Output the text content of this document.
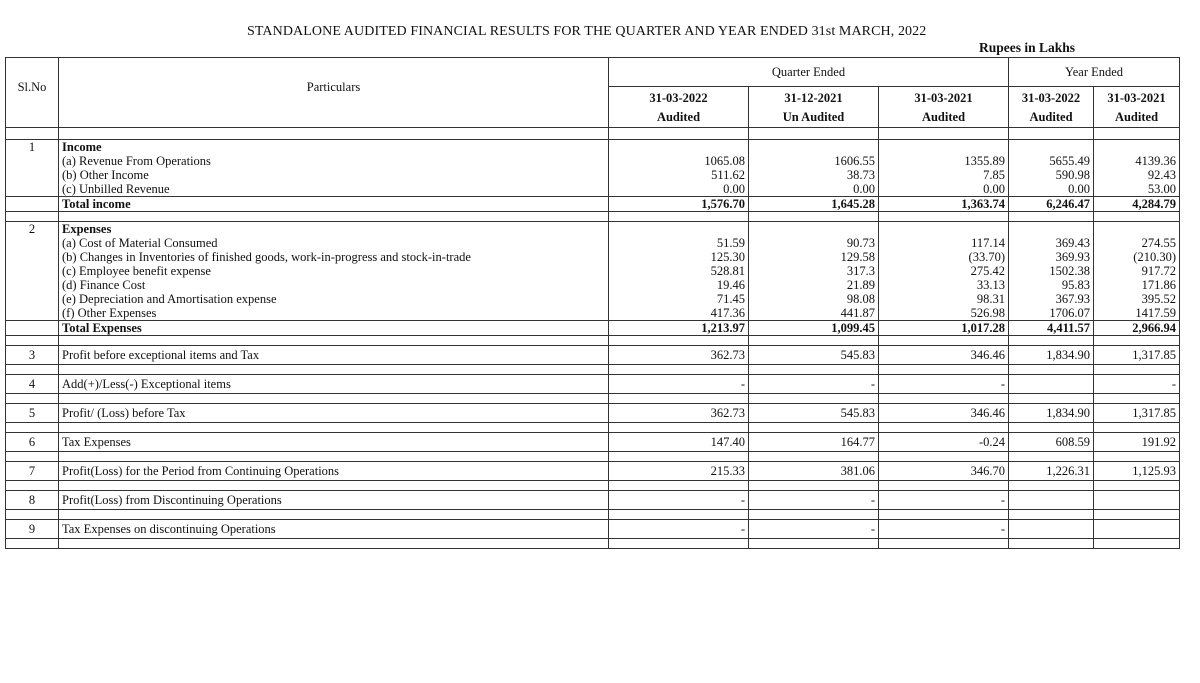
STANDALONE AUDITED FINANCIAL RESULTS FOR THE QUARTER AND YEAR ENDED 31st MARCH, 2022
Rupees in Lakhs
Sl.No	Particulars	Quarter Ended			Year Ended	
		31-03-2022	31-12-2021	31-03-2021	31-03-2022	31-03-2021
		Audited	Un Audited	Audited	Audited	Audited

1	Income					
	(a) Revenue From Operations	1065.08	1606.55	1355.89	5655.49	4139.36
	(b) Other Income	511.62	38.73	7.85	590.98	92.43
	(c) Unbilled Revenue	0.00	0.00	0.00	0.00	53.00
	Total income	1,576.70	1,645.28	1,363.74	6,246.47	4,284.79

2	Expenses					
	(a) Cost of Material Consumed	51.59	90.73	117.14	369.43	274.55
	(b) Changes in Inventories of finished goods, work-in-progress and stock-in-trade	125.30	129.58	(33.70)	369.93	(210.30)
	(c) Employee benefit expense	528.81	317.3	275.42	1502.38	917.72
	(d) Finance Cost	19.46	21.89	33.13	95.83	171.86
	(e) Depreciation and Amortisation expense	71.45	98.08	98.31	367.93	395.52
	(f) Other Expenses	417.36	441.87	526.98	1706.07	1417.59
	Total Expenses	1,213.97	1,099.45	1,017.28	4,411.57	2,966.94

3	Profit before exceptional items and Tax	362.73	545.83	346.46	1,834.90	1,317.85

4	Add(+)/Less(-) Exceptional items	-	-	-		-

5	Profit/ (Loss) before Tax	362.73	545.83	346.46	1,834.90	1,317.85

6	Tax Expenses	147.40	164.77	-0.24	608.59	191.92

7	Profit(Loss) for the Period from Continuing Operations	215.33	381.06	346.70	1,226.31	1,125.93

8	Profit(Loss) from Discontinuing Operations	-	-	-		

9	Tax Expenses on discontinuing Operations	-	-	-		
